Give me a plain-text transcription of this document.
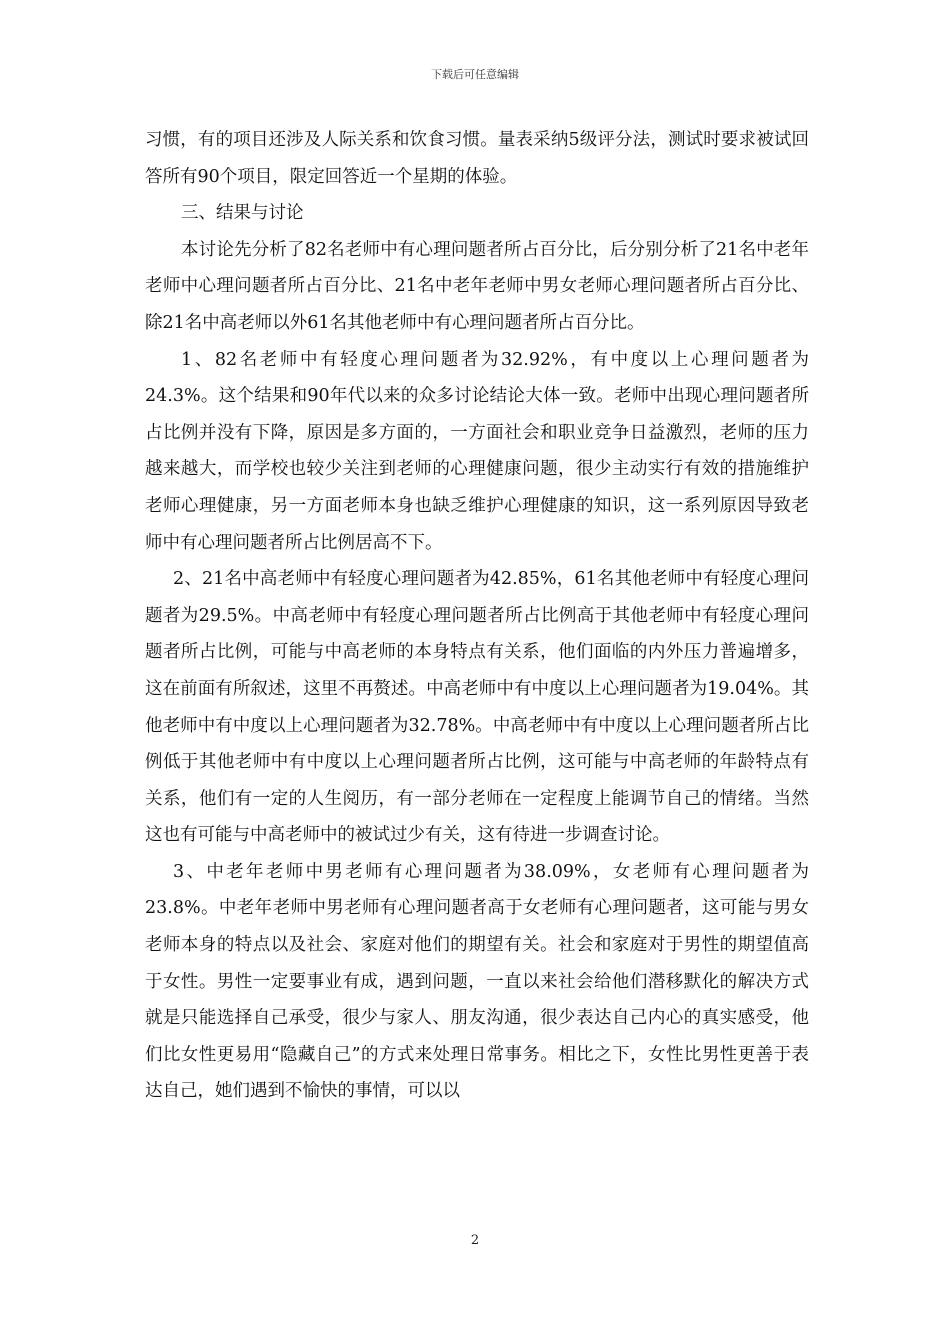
下载后可任意编辑

习惯，有的项目还涉及人际关系和饮食习惯。量表采纳5级评分法，测试时要求被试回答所有90个项目，限定回答近一个星期的体验。

三、结果与讨论

本讨论先分析了82名老师中有心理问题者所占百分比，后分别分析了21名中老年老师中心理问题者所占百分比、21名中老年老师中男女老师心理问题者所占百分比、除21名中高老师以外61名其他老师中有心理问题者所占百分比。

1、82名老师中有轻度心理问题者为32.92%，有中度以上心理问题者为24.3%。这个结果和90年代以来的众多讨论结论大体一致。老师中出现心理问题者所占比例并没有下降，原因是多方面的，一方面社会和职业竞争日益激烈，老师的压力越来越大，而学校也较少关注到老师的心理健康问题，很少主动实行有效的措施维护老师心理健康，另一方面老师本身也缺乏维护心理健康的知识，这一系列原因导致老师中有心理问题者所占比例居高不下。

2、21名中高老师中有轻度心理问题者为42.85%，61名其他老师中有轻度心理问题者为29.5%。中高老师中有轻度心理问题者所占比例高于其他老师中有轻度心理问题者所占比例，可能与中高老师的本身特点有关系，他们面临的内外压力普遍增多，这在前面有所叙述，这里不再赘述。中高老师中有中度以上心理问题者为19.04%。其他老师中有中度以上心理问题者为32.78%。中高老师中有中度以上心理问题者所占比例低于其他老师中有中度以上心理问题者所占比例，这可能与中高老师的年龄特点有关系，他们有一定的人生阅历，有一部分老师在一定程度上能调节自己的情绪。当然这也有可能与中高老师中的被试过少有关，这有待进一步调查讨论。

3、中老年老师中男老师有心理问题者为38.09%，女老师有心理问题者为23.8%。中老年老师中男老师有心理问题者高于女老师有心理问题者，这可能与男女老师本身的特点以及社会、家庭对他们的期望有关。社会和家庭对于男性的期望值高于女性。男性一定要事业有成，遇到问题，一直以来社会给他们潜移默化的解决方式就是只能选择自己承受，很少与家人、朋友沟通，很少表达自己内心的真实感受，他们比女性更易用“隐藏自己”的方式来处理日常事务。相比之下，女性比男性更善于表达自己，她们遇到不愉快的事情，可以以

2
